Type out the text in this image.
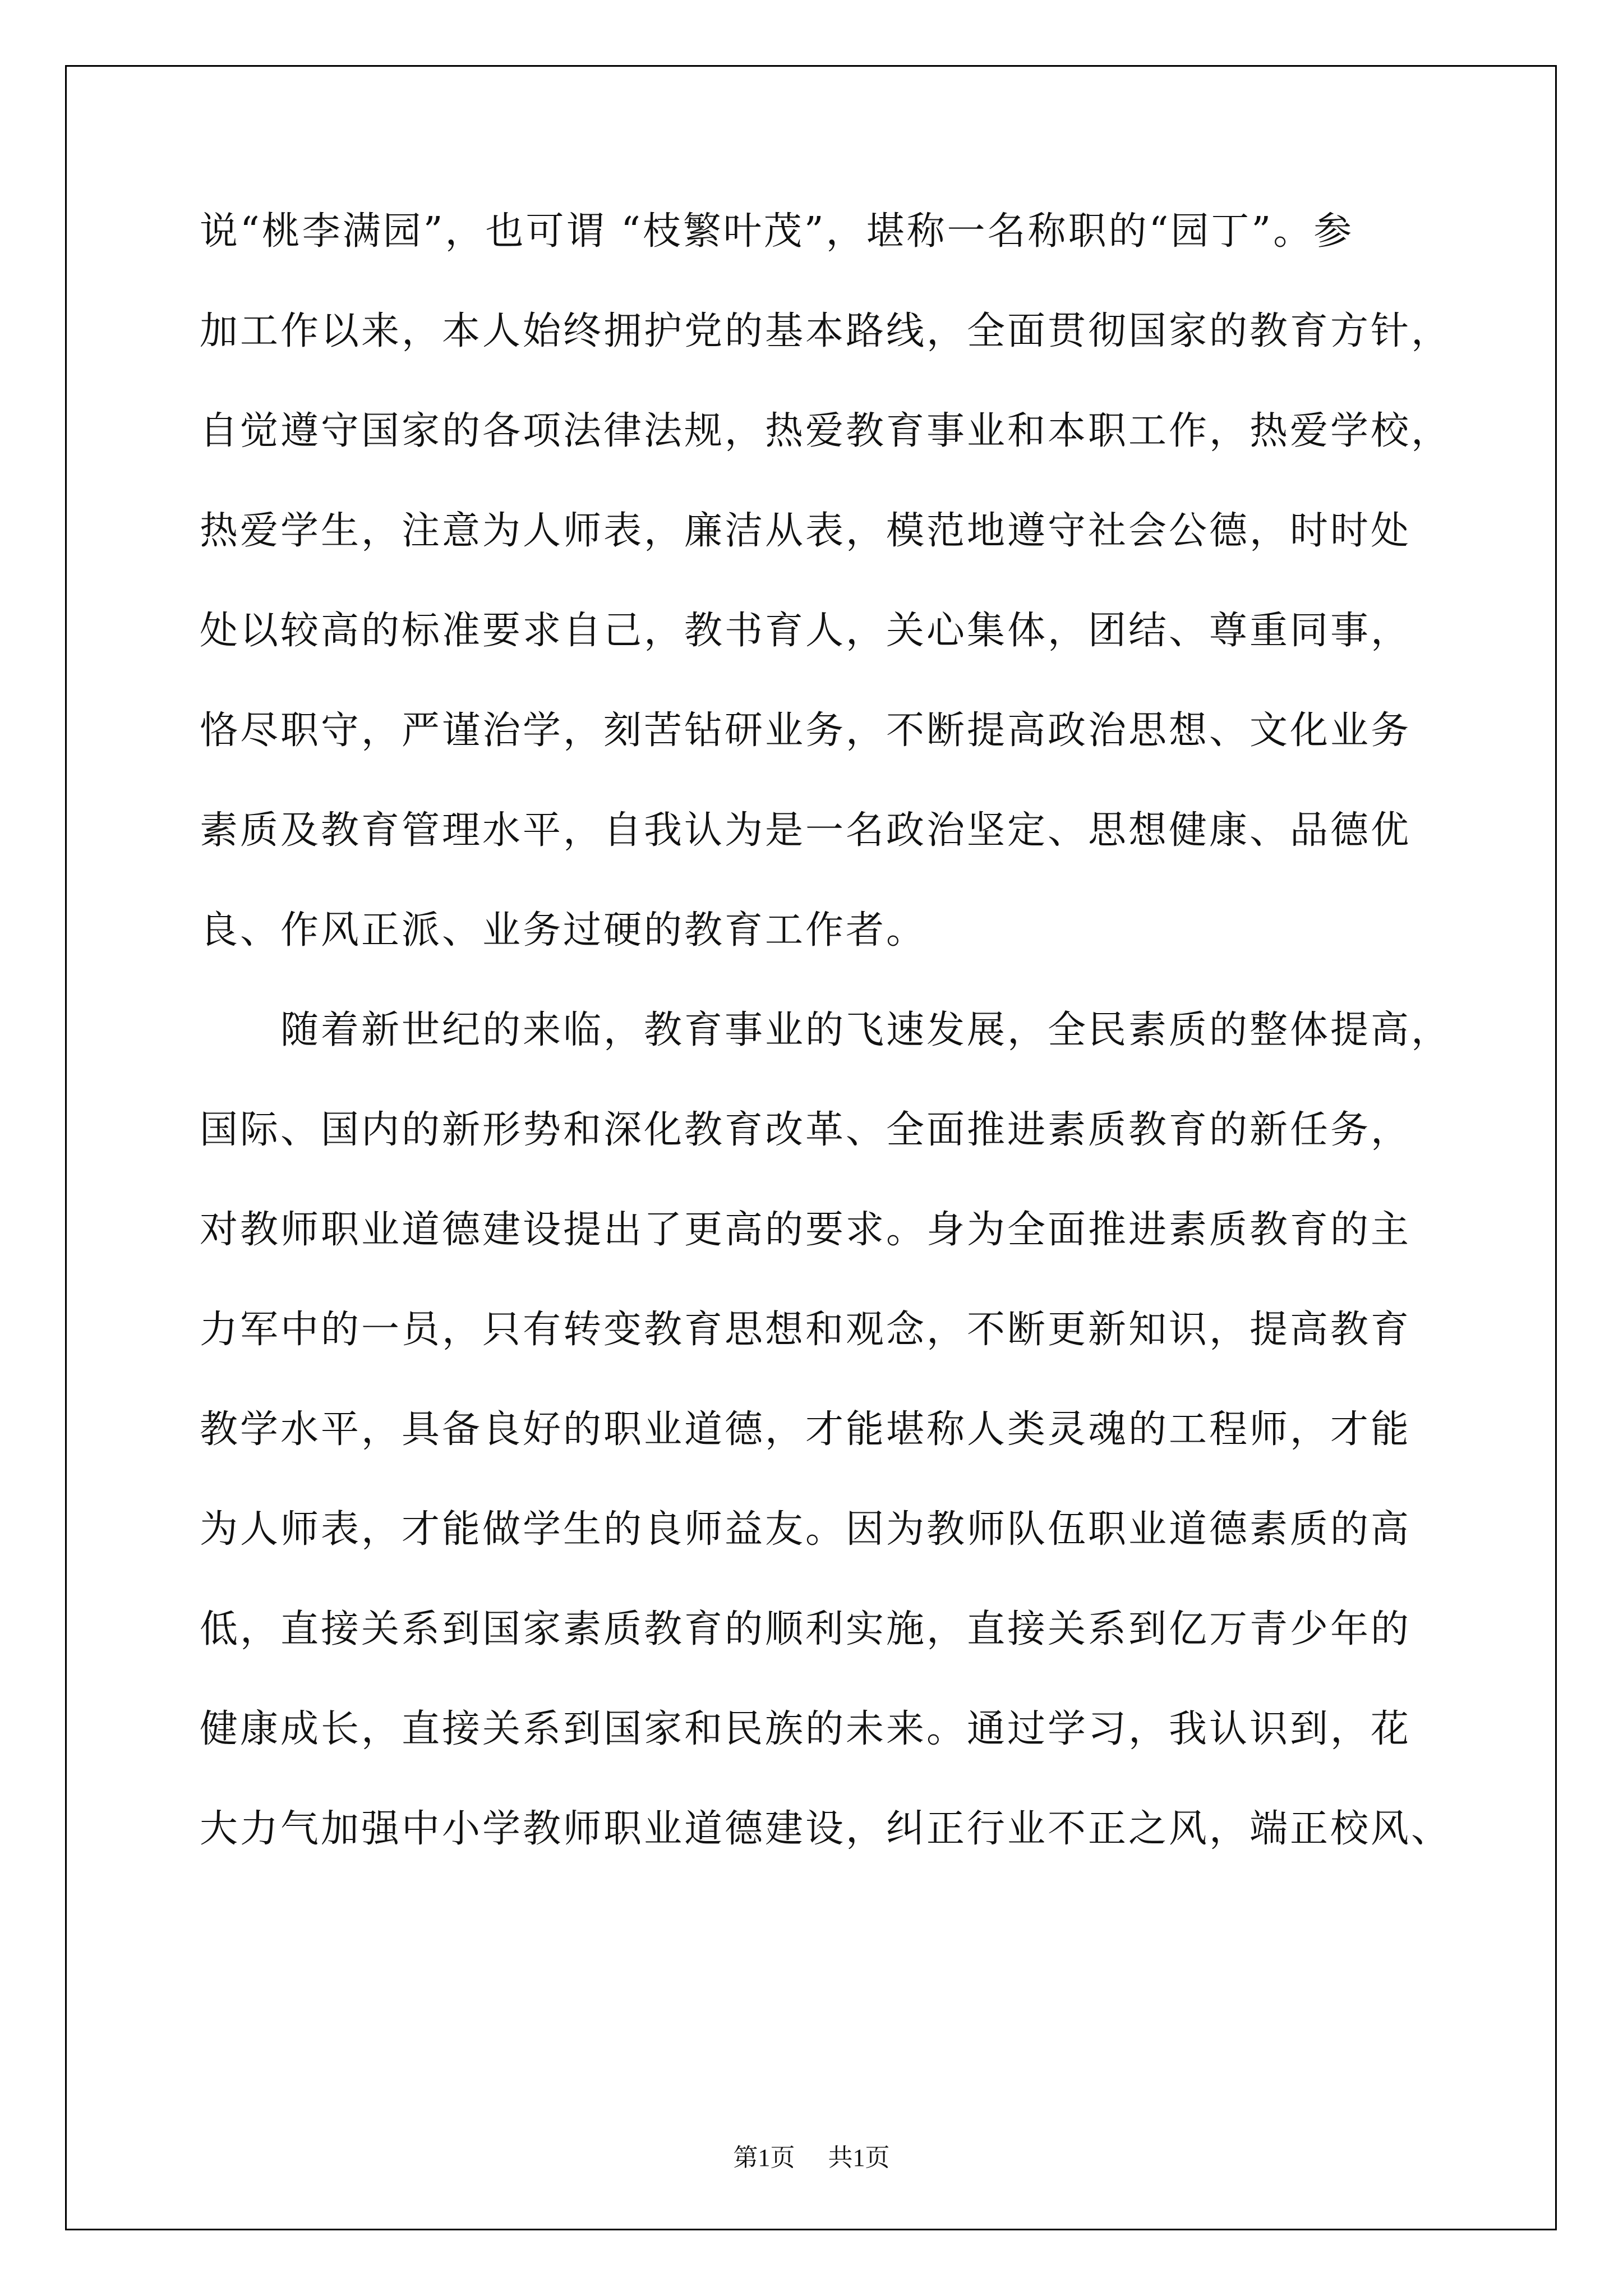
说“桃李满园”，也可谓 “枝繁叶茂”，堪称一名称职的“园丁”。参
加工作以来，本人始终拥护党的基本路线，全面贯彻国家的教育方针，
自觉遵守国家的各项法律法规，热爱教育事业和本职工作，热爱学校，
热爱学生，注意为人师表，廉洁从表，模范地遵守社会公德，时时处
处以较高的标准要求自己，教书育人，关心集体，团结、尊重同事，
恪尽职守，严谨治学，刻苦钻研业务，不断提高政治思想、文化业务
素质及教育管理水平，自我认为是一名政治坚定、思想健康、品德优
良、作风正派、业务过硬的教育工作者。
随着新世纪的来临，教育事业的飞速发展，全民素质的整体提高，
国际、国内的新形势和深化教育改革、全面推进素质教育的新任务，
对教师职业道德建设提出了更高的要求。身为全面推进素质教育的主
力军中的一员，只有转变教育思想和观念，不断更新知识，提高教育
教学水平，具备良好的职业道德，才能堪称人类灵魂的工程师，才能
为人师表，才能做学生的良师益友。因为教师队伍职业道德素质的高
低，直接关系到国家素质教育的顺利实施，直接关系到亿万青少年的
健康成长，直接关系到国家和民族的未来。通过学习，我认识到，花
大力气加强中小学教师职业道德建设，纠正行业不正之风，端正校风、
第1页 共1页
